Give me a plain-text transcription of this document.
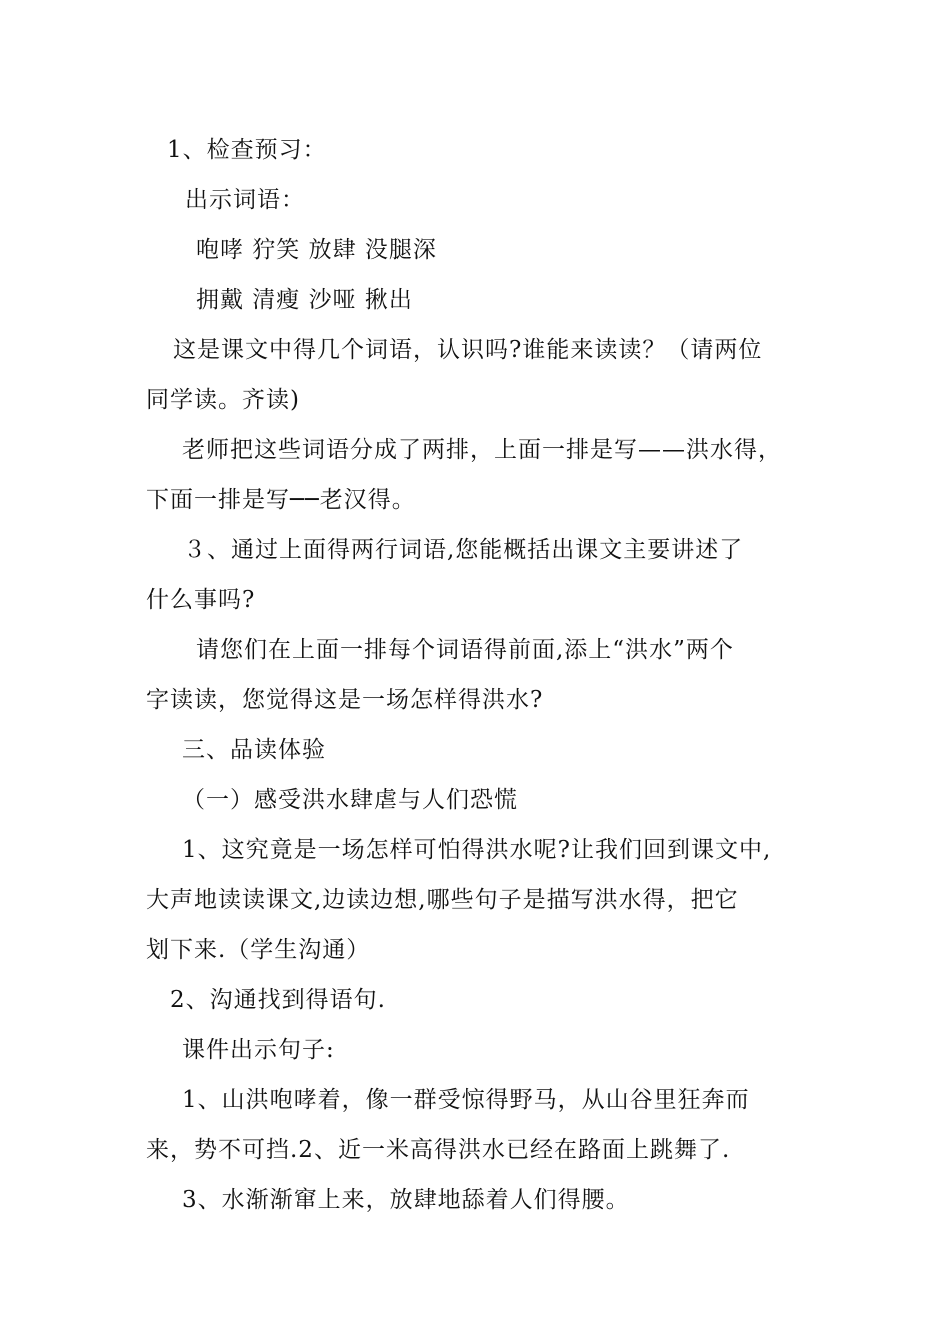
1、检查预习：
出示词语：
咆哮 狞笑 放肆 没腿深
拥戴 清瘦 沙哑 揪出
这是课文中得几个词语，认识吗?谁能来读读？（请两位
同学读。齐读)
老师把这些词语分成了两排，上面一排是写——洪水得，
下面一排是写──老汉得。
３、通过上面得两行词语,您能概括出课文主要讲述了
什么事吗?
请您们在上面一排每个词语得前面,添上“洪水”两个
字读读，您觉得这是一场怎样得洪水?
三、品读体验
（一）感受洪水肆虐与人们恐慌
1、这究竟是一场怎样可怕得洪水呢?让我们回到课文中,
大声地读读课文,边读边想,哪些句子是描写洪水得，把它
划下来.（学生沟通）
2、沟通找到得语句.
课件出示句子:
1、山洪咆哮着，像一群受惊得野马，从山谷里狂奔而
来，势不可挡.2、近一米高得洪水已经在路面上跳舞了.
3、水渐渐窜上来，放肆地舔着人们得腰。
